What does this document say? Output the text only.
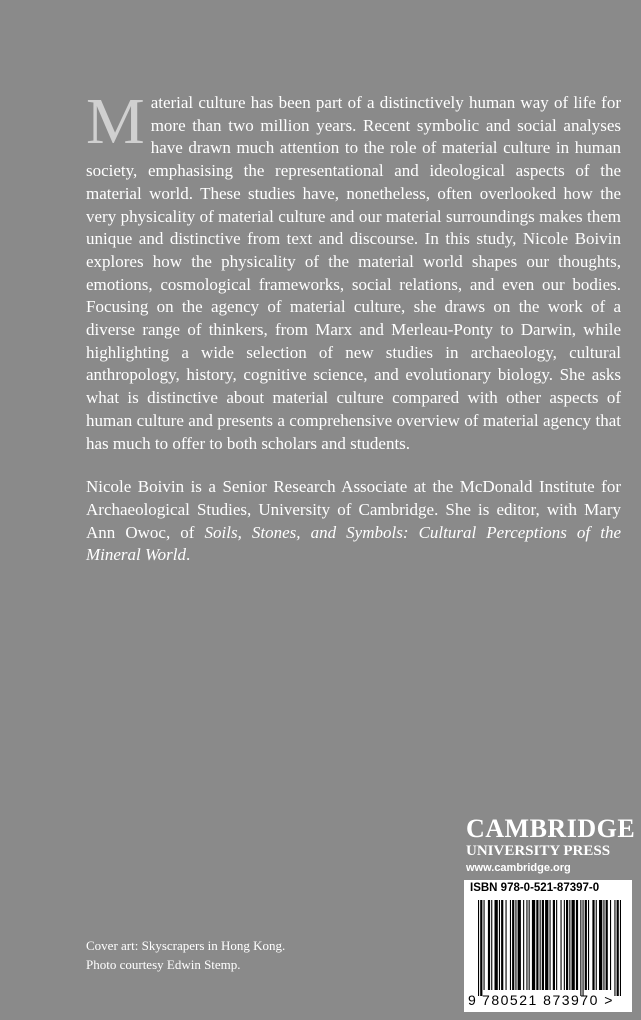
Material culture has been part of a distinctively human way of life for more than two million years. Recent symbolic and social analyses have drawn much attention to the role of material culture in human society, emphasising the representational and ideological aspects of the material world. These studies have, nonetheless, often overlooked how the very physicality of material culture and our material surroundings makes them unique and distinctive from text and discourse. In this study, Nicole Boivin explores how the physicality of the material world shapes our thoughts, emotions, cosmological frameworks, social relations, and even our bodies. Focusing on the agency of material culture, she draws on the work of a diverse range of thinkers, from Marx and Merleau-Ponty to Darwin, while highlighting a wide selection of new studies in archaeology, cultural anthropology, history, cognitive science, and evolutionary biology. She asks what is distinctive about material culture compared with other aspects of human culture and presents a comprehensive overview of material agency that has much to offer to both scholars and students.

Nicole Boivin is a Senior Research Associate at the McDonald Institute for Archaeological Studies, University of Cambridge. She is editor, with Mary Ann Owoc, of Soils, Stones, and Symbols: Cultural Perceptions of the Mineral World.

Cover art: Skyscrapers in Hong Kong.
Photo courtesy Edwin Stemp.
CAMBRIDGE
UNIVERSITY PRESS
www.cambridge.org
ISBN 978-0-521-87397-0
9 780521 873970 >
